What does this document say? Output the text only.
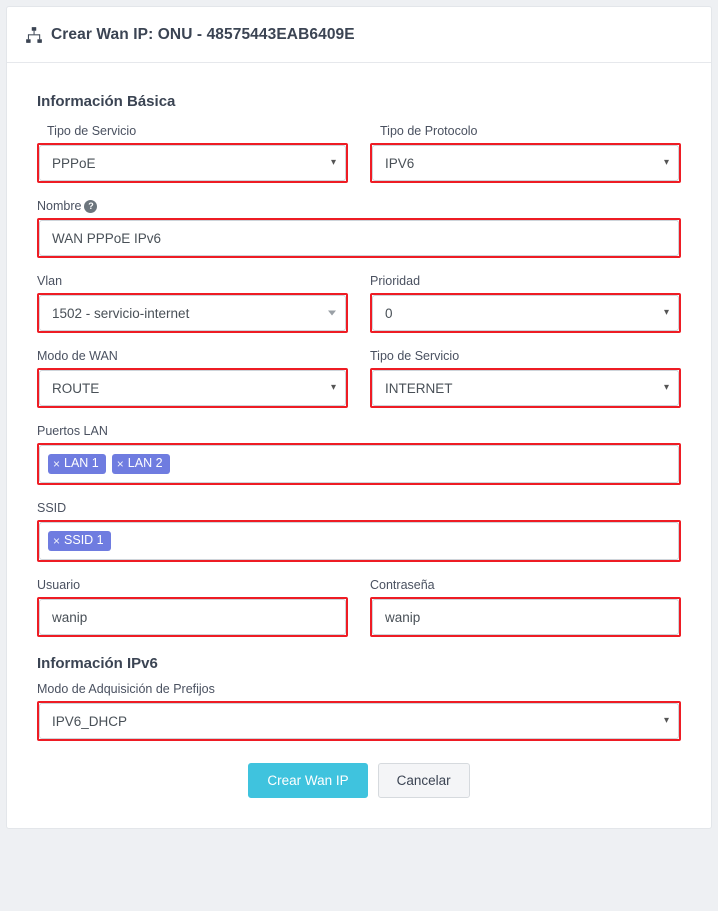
Crear Wan IP: ONU - 48575443EAB6409E
Información Básica
Tipo de Servicio
PPPoE	▾
Tipo de Protocolo
IPV6	▾
Nombre ?
WAN PPPoE IPv6
Vlan
1502 - servicio-internet
Prioridad
0	▾
Modo de WAN
ROUTE	▾
Tipo de Servicio
INTERNET	▾
Puertos LAN
× LAN 1 × LAN 2
SSID
× SSID 1
Usuario
wanip
Contraseña
wanip
Información IPv6
Modo de Adquisición de Prefijos
IPV6_DHCP	▾
Crear Wan IP	Cancelar
